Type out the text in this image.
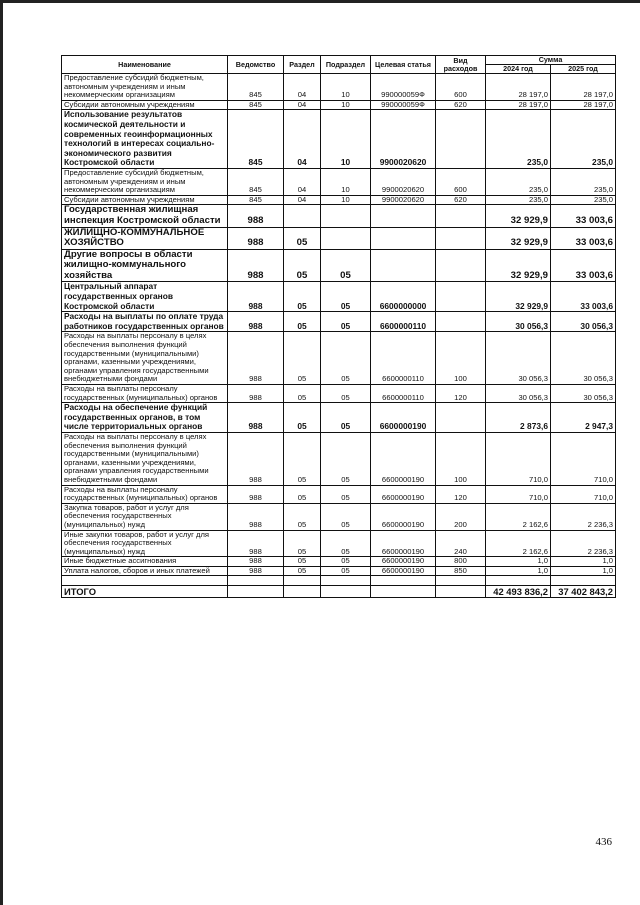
Наименование	Ведомство	Раздел	Подраздел	Целевая статья	Вид расходов	Сумма	
						2024 год	2025 год
Предоставление субсидий бюджетным, автономным учреждениям и иным некоммерческим организациям	845	04	10	990000059Ф	600	28 197,0	28 197,0
Субсидии автономным учреждениям	845	04	10	990000059Ф	620	28 197,0	28 197,0
Использование результатов космической деятельности и современных геоинформационных технологий в интересах социально-экономического развития Костромской области	845	04	10	9900020620		235,0	235,0
Предоставление субсидий бюджетным, автономным учреждениям и иным некоммерческим организациям	845	04	10	9900020620	600	235,0	235,0
Субсидии автономным учреждениям	845	04	10	9900020620	620	235,0	235,0
Государственная жилищная инспекция Костромской области	988					32 929,9	33 003,6
ЖИЛИЩНО-КОММУНАЛЬНОЕ ХОЗЯЙСТВО	988	05				32 929,9	33 003,6
Другие вопросы в области жилищно-коммунального хозяйства	988	05	05			32 929,9	33 003,6
Центральный аппарат государственных органов Костромской области	988	05	05	6600000000		32 929,9	33 003,6
Расходы на выплаты по оплате труда работников государственных органов	988	05	05	6600000110		30 056,3	30 056,3
Расходы на выплаты персоналу в целях обеспечения выполнения функций государственными (муниципальными) органами, казенными учреждениями, органами управления государственными внебюджетными фондами	988	05	05	6600000110	100	30 056,3	30 056,3
Расходы на выплаты персоналу государственных (муниципальных) органов	988	05	05	6600000110	120	30 056,3	30 056,3
Расходы на обеспечение функций государственных органов, в том числе территориальных органов	988	05	05	6600000190		2 873,6	2 947,3
Расходы на выплаты персоналу в целях обеспечения выполнения функций государственными (муниципальными) органами, казенными учреждениями, органами управления государственными внебюджетными фондами	988	05	05	6600000190	100	710,0	710,0
Расходы на выплаты персоналу государственных (муниципальных) органов	988	05	05	6600000190	120	710,0	710,0
Закупка товаров, работ и услуг для обеспечения государственных (муниципальных) нужд	988	05	05	6600000190	200	2 162,6	2 236,3
Иные закупки товаров, работ и услуг для обеспечения государственных (муниципальных) нужд	988	05	05	6600000190	240	2 162,6	2 236,3
Иные бюджетные ассигнования	988	05	05	6600000190	800	1,0	1,0
Уплата налогов, сборов и иных платежей	988	05	05	6600000190	850	1,0	1,0

ИТОГО						42 493 836,2	37 402 843,2
436
